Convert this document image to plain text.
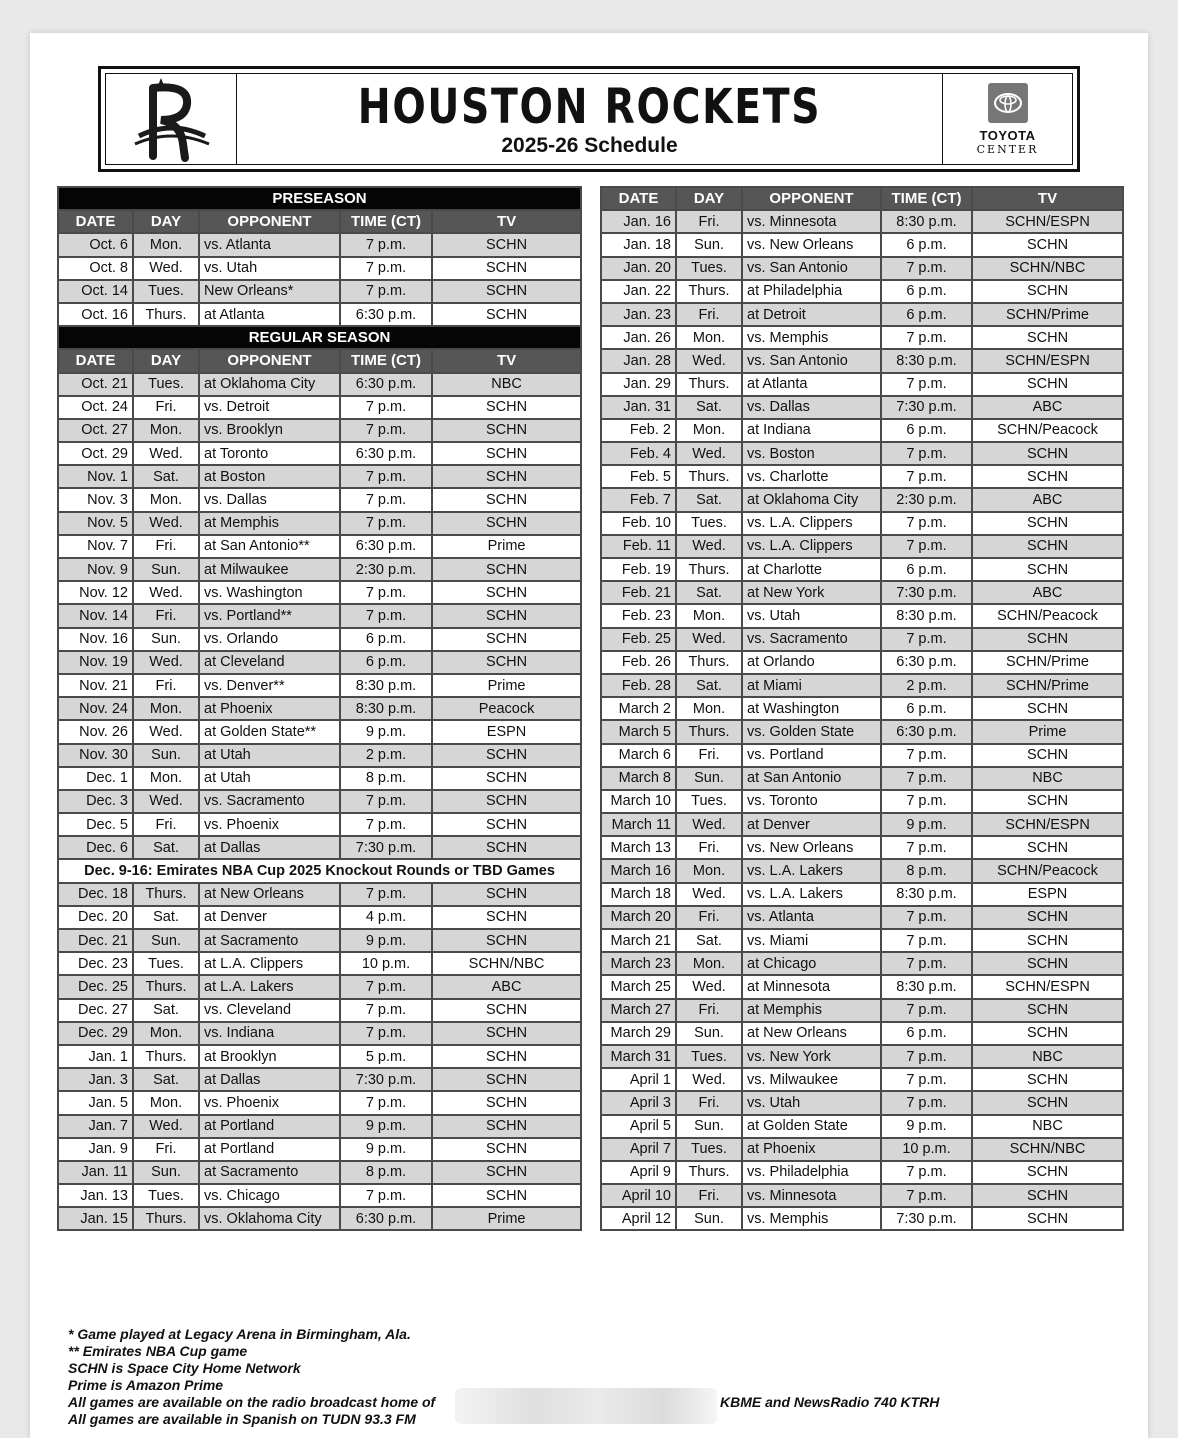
HOUSTON ROCKETS
2025-26 Schedule	TOYOTA
CENTER
PRESEASON				
DATE	DAY	OPPONENT	TIME (CT)	TV
Oct. 6	Mon.	vs. Atlanta	7 p.m.	SCHN
Oct. 8	Wed.	vs. Utah	7 p.m.	SCHN
Oct. 14	Tues.	New Orleans*	7 p.m.	SCHN
Oct. 16	Thurs.	at Atlanta	6:30 p.m.	SCHN
REGULAR SEASON				
DATE	DAY	OPPONENT	TIME (CT)	TV
Oct. 21	Tues.	at Oklahoma City	6:30 p.m.	NBC
Oct. 24	Fri.	vs. Detroit	7 p.m.	SCHN
Oct. 27	Mon.	vs. Brooklyn	7 p.m.	SCHN
Oct. 29	Wed.	at Toronto	6:30 p.m.	SCHN
Nov. 1	Sat.	at Boston	7 p.m.	SCHN
Nov. 3	Mon.	vs. Dallas	7 p.m.	SCHN
Nov. 5	Wed.	at Memphis	7 p.m.	SCHN
Nov. 7	Fri.	at San Antonio**	6:30 p.m.	Prime
Nov. 9	Sun.	at Milwaukee	2:30 p.m.	SCHN
Nov. 12	Wed.	vs. Washington	7 p.m.	SCHN
Nov. 14	Fri.	vs. Portland**	7 p.m.	SCHN
Nov. 16	Sun.	vs. Orlando	6 p.m.	SCHN
Nov. 19	Wed.	at Cleveland	6 p.m.	SCHN
Nov. 21	Fri.	vs. Denver**	8:30 p.m.	Prime
Nov. 24	Mon.	at Phoenix	8:30 p.m.	Peacock
Nov. 26	Wed.	at Golden State**	9 p.m.	ESPN
Nov. 30	Sun.	at Utah	2 p.m.	SCHN
Dec. 1	Mon.	at Utah	8 p.m.	SCHN
Dec. 3	Wed.	vs. Sacramento	7 p.m.	SCHN
Dec. 5	Fri.	vs. Phoenix	7 p.m.	SCHN
Dec. 6	Sat.	at Dallas	7:30 p.m.	SCHN
Dec. 9-16: Emirates NBA Cup 2025 Knockout Rounds or TBD Games				
Dec. 18	Thurs.	at New Orleans	7 p.m.	SCHN
Dec. 20	Sat.	at Denver	4 p.m.	SCHN
Dec. 21	Sun.	at Sacramento	9 p.m.	SCHN
Dec. 23	Tues.	at L.A. Clippers	10 p.m.	SCHN/NBC
Dec. 25	Thurs.	at L.A. Lakers	7 p.m.	ABC
Dec. 27	Sat.	vs. Cleveland	7 p.m.	SCHN
Dec. 29	Mon.	vs. Indiana	7 p.m.	SCHN
Jan. 1	Thurs.	at Brooklyn	5 p.m.	SCHN
Jan. 3	Sat.	at Dallas	7:30 p.m.	SCHN
Jan. 5	Mon.	vs. Phoenix	7 p.m.	SCHN
Jan. 7	Wed.	at Portland	9 p.m.	SCHN
Jan. 9	Fri.	at Portland	9 p.m.	SCHN
Jan. 11	Sun.	at Sacramento	8 p.m.	SCHN
Jan. 13	Tues.	vs. Chicago	7 p.m.	SCHN
Jan. 15	Thurs.	vs. Oklahoma City	6:30 p.m.	Prime
DATE	DAY	OPPONENT	TIME (CT)	TV
Jan. 16	Fri.	vs. Minnesota	8:30 p.m.	SCHN/ESPN
Jan. 18	Sun.	vs. New Orleans	6 p.m.	SCHN
Jan. 20	Tues.	vs. San Antonio	7 p.m.	SCHN/NBC
Jan. 22	Thurs.	at Philadelphia	6 p.m.	SCHN
Jan. 23	Fri.	at Detroit	6 p.m.	SCHN/Prime
Jan. 26	Mon.	vs. Memphis	7 p.m.	SCHN
Jan. 28	Wed.	vs. San Antonio	8:30 p.m.	SCHN/ESPN
Jan. 29	Thurs.	at Atlanta	7 p.m.	SCHN
Jan. 31	Sat.	vs. Dallas	7:30 p.m.	ABC
Feb. 2	Mon.	at Indiana	6 p.m.	SCHN/Peacock
Feb. 4	Wed.	vs. Boston	7 p.m.	SCHN
Feb. 5	Thurs.	vs. Charlotte	7 p.m.	SCHN
Feb. 7	Sat.	at Oklahoma City	2:30 p.m.	ABC
Feb. 10	Tues.	vs. L.A. Clippers	7 p.m.	SCHN
Feb. 11	Wed.	vs. L.A. Clippers	7 p.m.	SCHN
Feb. 19	Thurs.	at Charlotte	6 p.m.	SCHN
Feb. 21	Sat.	at New York	7:30 p.m.	ABC
Feb. 23	Mon.	vs. Utah	8:30 p.m.	SCHN/Peacock
Feb. 25	Wed.	vs. Sacramento	7 p.m.	SCHN
Feb. 26	Thurs.	at Orlando	6:30 p.m.	SCHN/Prime
Feb. 28	Sat.	at Miami	2 p.m.	SCHN/Prime
March 2	Mon.	at Washington	6 p.m.	SCHN
March 5	Thurs.	vs. Golden State	6:30 p.m.	Prime
March 6	Fri.	vs. Portland	7 p.m.	SCHN
March 8	Sun.	at San Antonio	7 p.m.	NBC
March 10	Tues.	vs. Toronto	7 p.m.	SCHN
March 11	Wed.	at Denver	9 p.m.	SCHN/ESPN
March 13	Fri.	vs. New Orleans	7 p.m.	SCHN
March 16	Mon.	vs. L.A. Lakers	8 p.m.	SCHN/Peacock
March 18	Wed.	vs. L.A. Lakers	8:30 p.m.	ESPN
March 20	Fri.	vs. Atlanta	7 p.m.	SCHN
March 21	Sat.	vs. Miami	7 p.m.	SCHN
March 23	Mon.	at Chicago	7 p.m.	SCHN
March 25	Wed.	at Minnesota	8:30 p.m.	SCHN/ESPN
March 27	Fri.	at Memphis	7 p.m.	SCHN
March 29	Sun.	at New Orleans	6 p.m.	SCHN
March 31	Tues.	vs. New York	7 p.m.	NBC
April 1	Wed.	vs. Milwaukee	7 p.m.	SCHN
April 3	Fri.	vs. Utah	7 p.m.	SCHN
April 5	Sun.	at Golden State	9 p.m.	NBC
April 7	Tues.	at Phoenix	10 p.m.	SCHN/NBC
April 9	Thurs.	vs. Philadelphia	7 p.m.	SCHN
April 10	Fri.	vs. Minnesota	7 p.m.	SCHN
April 12	Sun.	vs. Memphis	7:30 p.m.	SCHN
* Game played at Legacy Arena in Birmingham, Ala.
** Emirates NBA Cup game
SCHN is Space City Home Network
Prime is Amazon Prime
All games are available on the radio broadcast home of
All games are available in Spanish on TUDN 93.3 FM
KBME and NewsRadio 740 KTRH
